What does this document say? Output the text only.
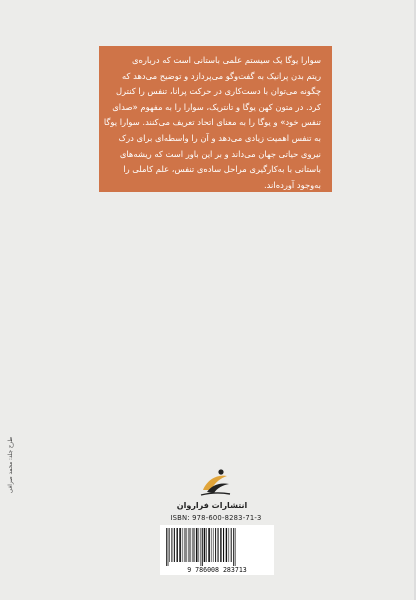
سوارا یوگا یک سیستم علمی باستانی است که درباره‌ی
ریتم بدن پرانیک به گفت‌وگو می‌پردازد و توضیح می‌دهد که
چگونه می‌توان با دست‌کاری در حرکت پرانا، تنفس را کنترل
کرد. در متون کهن یوگا و تانتریک، سوارا را به مفهوم «صدای
تنفس خود» و یوگا را به معنای اتحاد تعریف می‌کنند. سوارا یوگا
به تنفس اهمیت زیادی می‌دهد و آن را واسطه‌ای برای درک
نیروی حیاتی جهان می‌داند و بر این باور است که ریشه‌های
باستانی با به‌کارگیری مراحل ساده‌ی تنفس، علم کاملی را
به‌وجود آورده‌اند.
انتشارات فراروان
ISBN: 978-600-8283-71-3
9 786008 283713
طرح جلد: محمد صرافی
